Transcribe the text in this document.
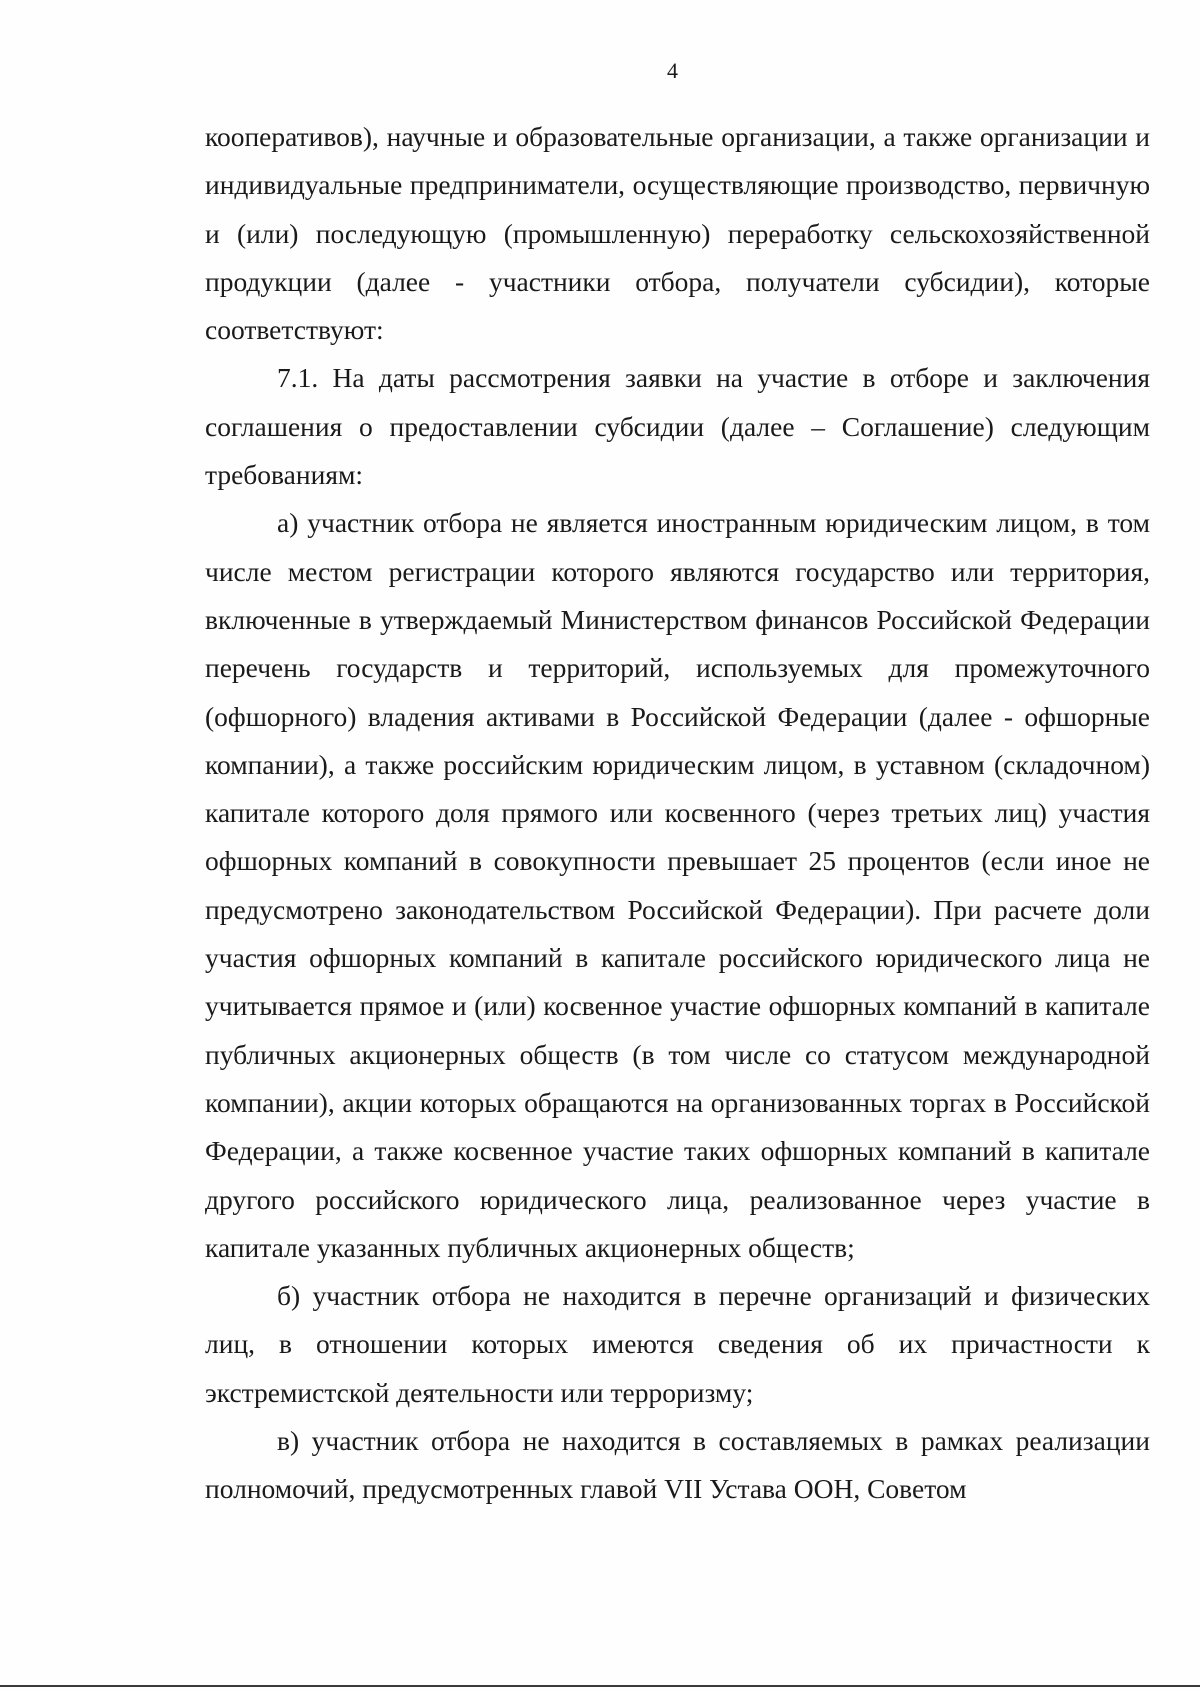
4

кооперативов), научные и образовательные организации, а также организации и индивидуальные предприниматели, осуществляющие производство, первичную и (или) последующую (промышленную) переработку сельскохозяйственной продукции (далее - участники отбора, получатели субсидии), которые соответствуют:

7.1. На даты рассмотрения заявки на участие в отборе и заключения соглашения о предоставлении субсидии (далее – Соглашение) следующим требованиям:

а) участник отбора не является иностранным юридическим лицом, в том числе местом регистрации которого являются государство или территория, включенные в утверждаемый Министерством финансов Российской Федерации перечень государств и территорий, используемых для промежуточного (офшорного) владения активами в Российской Федерации (далее - офшорные компании), а также российским юридическим лицом, в уставном (складочном) капитале которого доля прямого или косвенного (через третьих лиц) участия офшорных компаний в совокупности превышает 25 процентов (если иное не предусмотрено законодательством Российской Федерации). При расчете доли участия офшорных компаний в капитале российского юридического лица не учитывается прямое и (или) косвенное участие офшорных компаний в капитале публичных акционерных обществ (в том числе со статусом международной компании), акции которых обращаются на организованных торгах в Российской Федерации, а также косвенное участие таких офшорных компаний в капитале другого российского юридического лица, реализованное через участие в капитале указанных публичных акционерных обществ;

б) участник отбора не находится в перечне организаций и физических лиц, в отношении которых имеются сведения об их причастности к экстремистской деятельности или терроризму;

в) участник отбора не находится в составляемых в рамках реализации полномочий, предусмотренных главой VII Устава ООН, Советом
